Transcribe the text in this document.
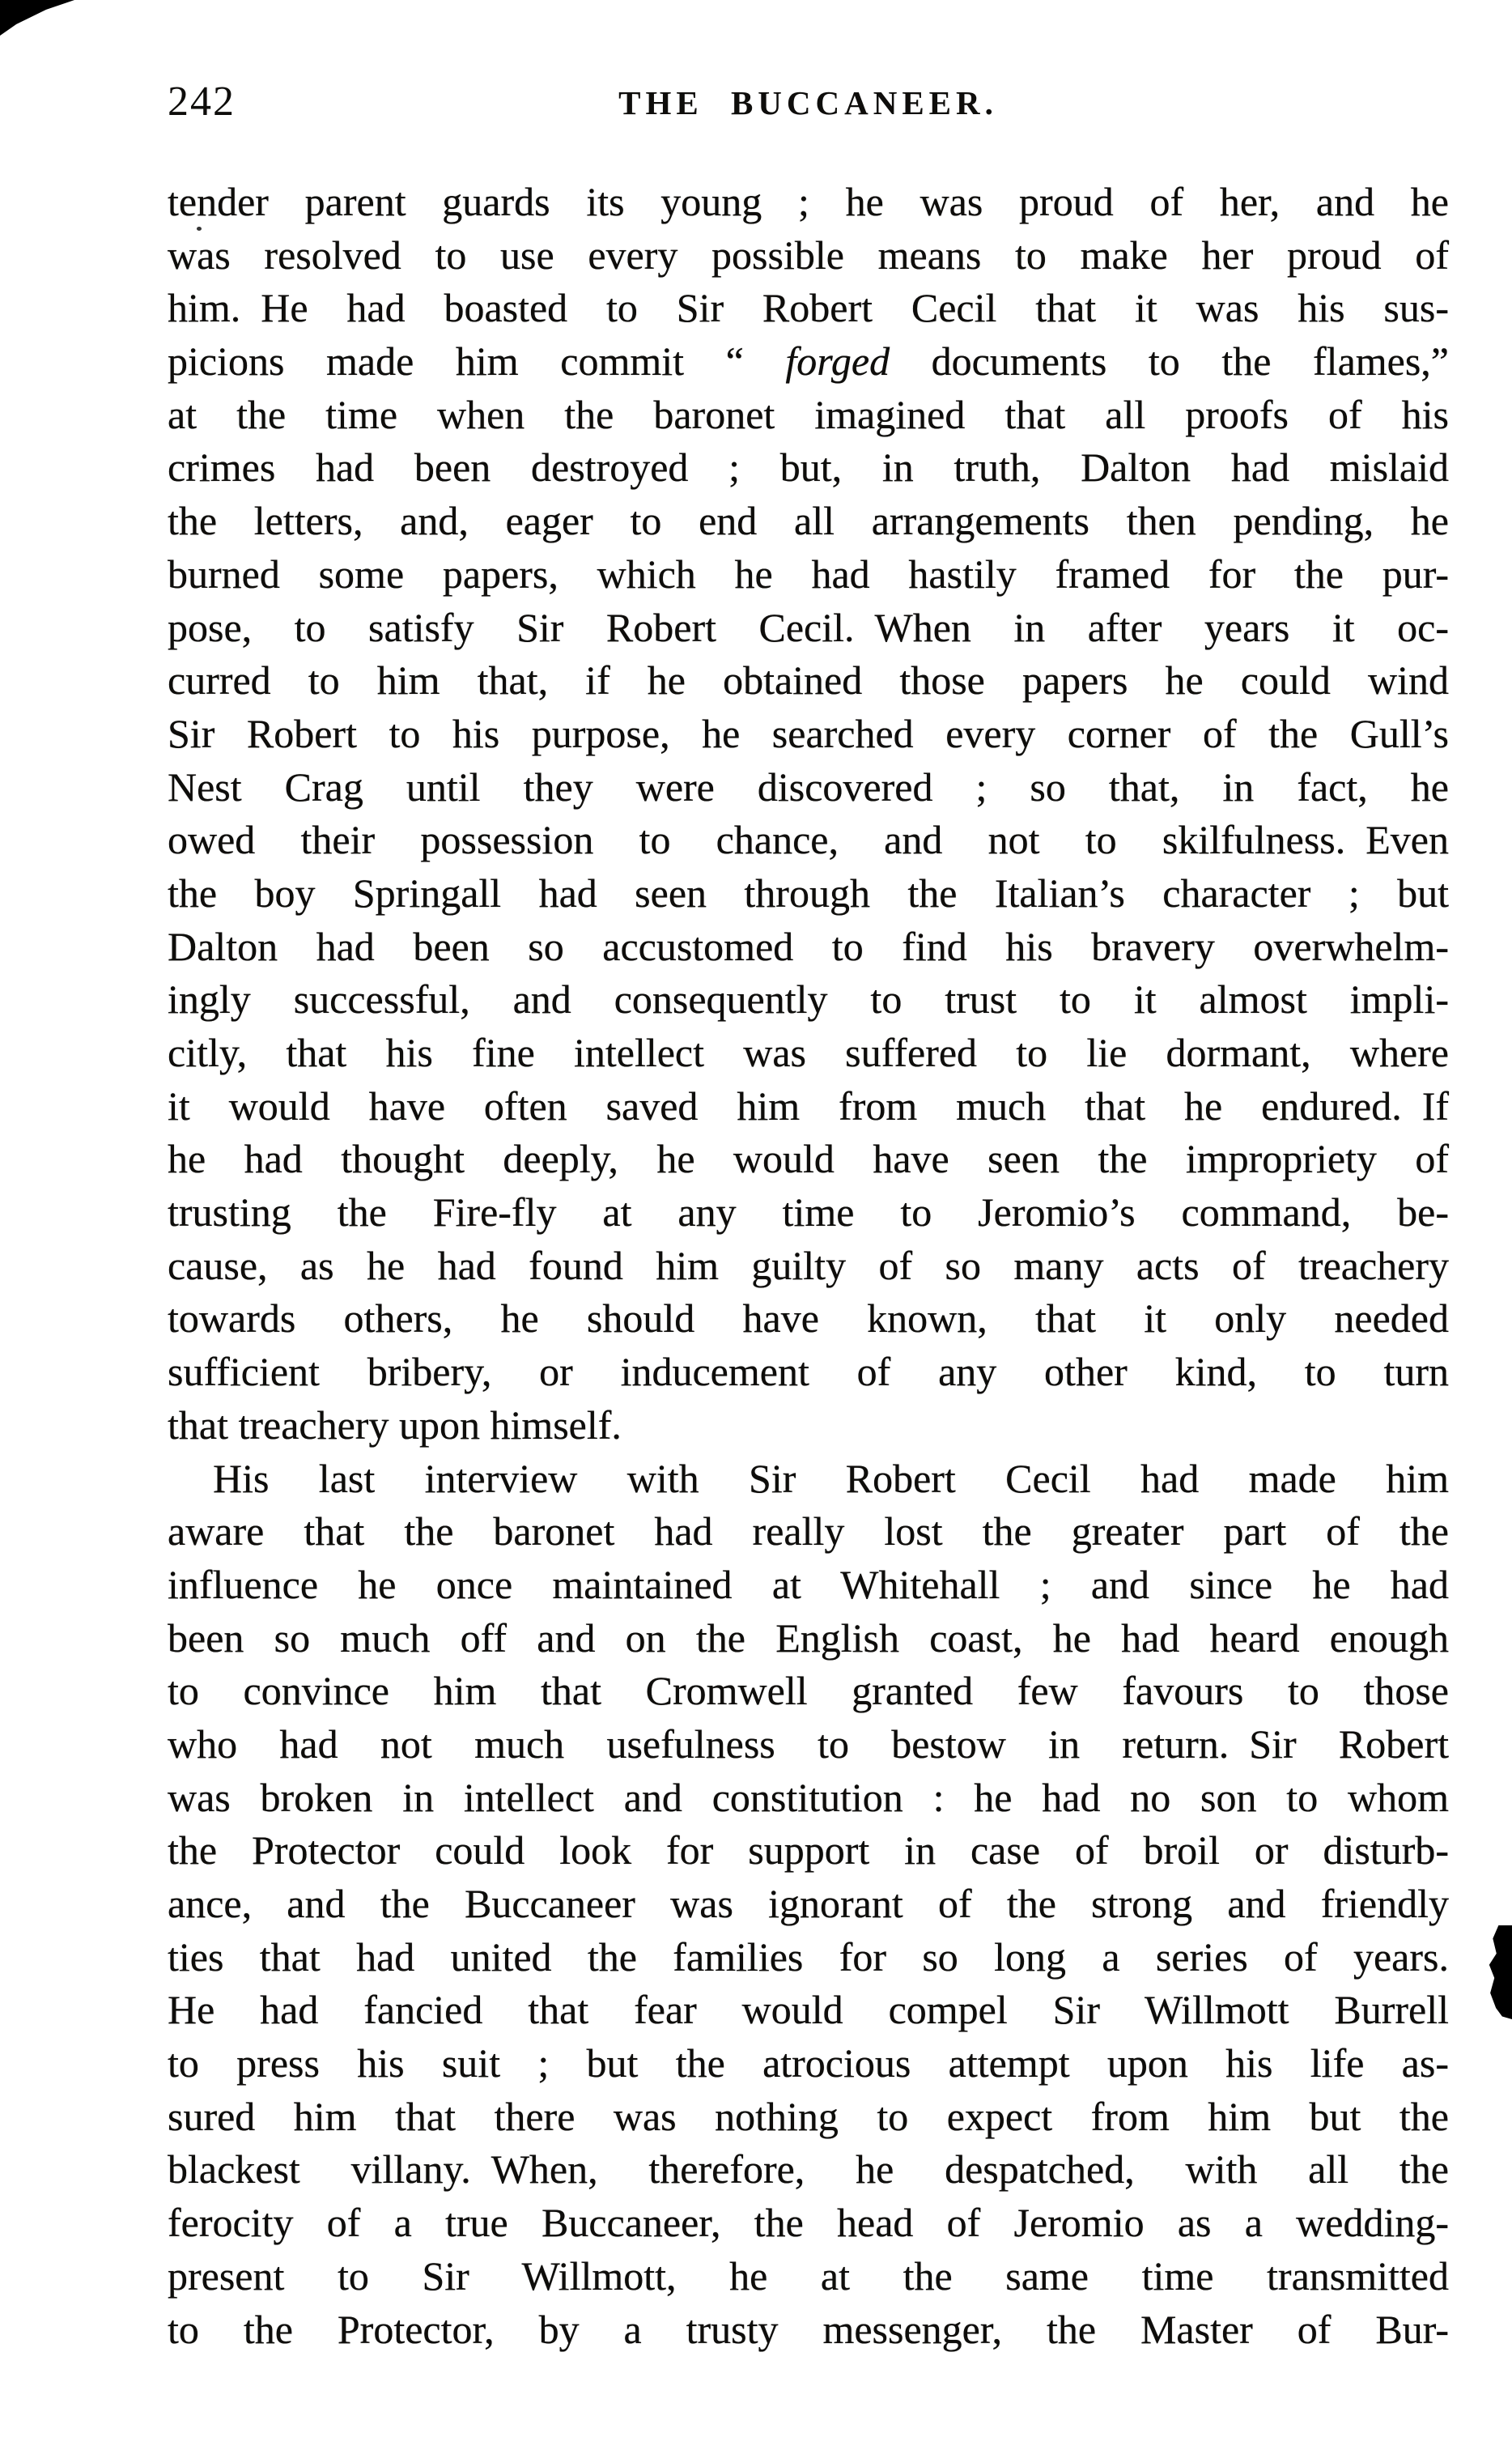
242	THE BUCCANEER.
tender parent guards its young ; he was proud of her, and he
was resolved to use every possible means to make her proud of
him. He had boasted to Sir Robert Cecil that it was his sus-
picions made him commit “ forged documents to the flames,”
at the time when the baronet imagined that all proofs of his
crimes had been destroyed ; but, in truth, Dalton had mislaid
the letters, and, eager to end all arrangements then pending, he
burned some papers, which he had hastily framed for the pur-
pose, to satisfy Sir Robert Cecil. When in after years it oc-
curred to him that, if he obtained those papers he could wind
Sir Robert to his purpose, he searched every corner of the Gull’s
Nest Crag until they were discovered ; so that, in fact, he
owed their possession to chance, and not to skilfulness. Even
the boy Springall had seen through the Italian’s character ; but
Dalton had been so accustomed to find his bravery overwhelm-
ingly successful, and consequently to trust to it almost impli-
citly, that his fine intellect was suffered to lie dormant, where
it would have often saved him from much that he endured. If
he had thought deeply, he would have seen the impropriety of
trusting the Fire-fly at any time to Jeromio’s command, be-
cause, as he had found him guilty of so many acts of treachery
towards others, he should have known, that it only needed
sufficient bribery, or inducement of any other kind, to turn
that treachery upon himself.
His last interview with Sir Robert Cecil had made him
aware that the baronet had really lost the greater part of the
influence he once maintained at Whitehall ; and since he had
been so much off and on the English coast, he had heard enough
to convince him that Cromwell granted few favours to those
who had not much usefulness to bestow in return. Sir Robert
was broken in intellect and constitution : he had no son to whom
the Protector could look for support in case of broil or disturb-
ance, and the Buccaneer was ignorant of the strong and friendly
ties that had united the families for so long a series of years.
He had fancied that fear would compel Sir Willmott Burrell
to press his suit ; but the atrocious attempt upon his life as-
sured him that there was nothing to expect from him but the
blackest villany. When, therefore, he despatched, with all the
ferocity of a true Buccaneer, the head of Jeromio as a wedding-
present to Sir Willmott, he at the same time transmitted
to the Protector, by a trusty messenger, the Master of Bur-
